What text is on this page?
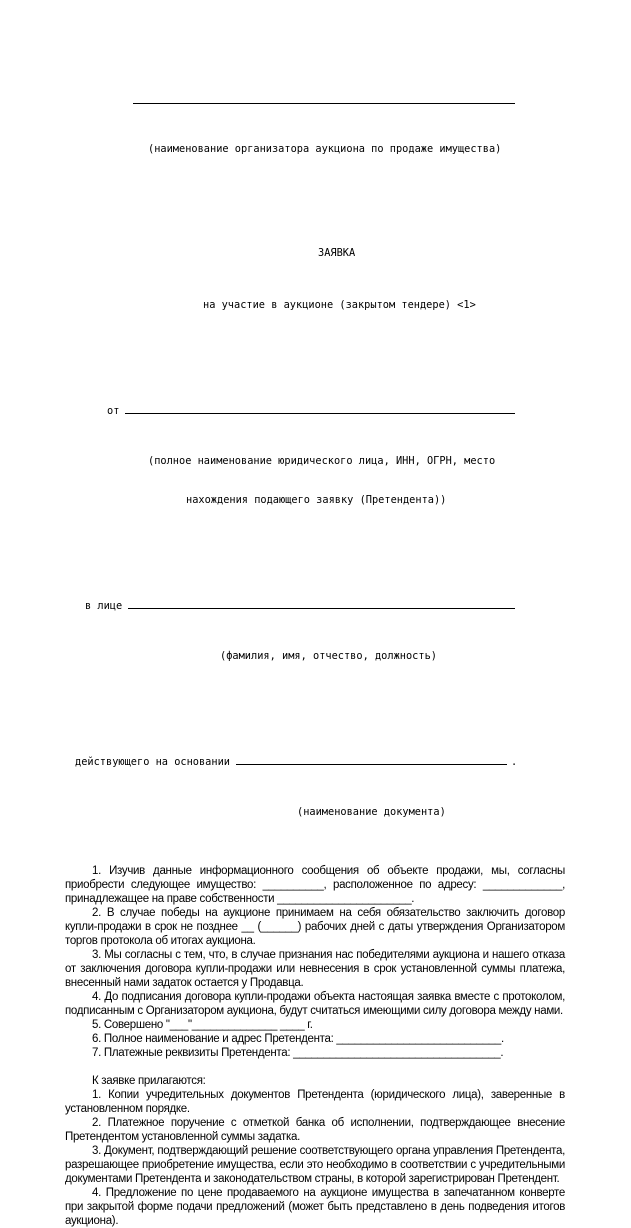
(наименование организатора аукциона по продаже имущества)

ЗАЯВКА

на участие в аукционе (закрытом тендере) <1>

от

(полное наименование юридического лица, ИНН, ОГРН, место

нахождения подающего заявку (Претендента))

в лице

(фамилия, имя, отчество, должность)

действующего на основании	.

(наименование документа)

1. Изучив данные информационного сообщения об объекте продажи, мы, согласны приобрести следующее имущество: __________, расположенное по адресу: _____________, принадлежащее на праве собственности ______________________.

2. В случае победы на аукционе принимаем на себя обязательство заключить договор купли-продажи в срок не позднее __ (______) рабочих дней с даты утверждения Организатором торгов протокола об итогах аукциона.

3. Мы согласны с тем, что, в случае признания нас победителями аукциона и нашего отказа от заключения договора купли-продажи или невнесения в срок установленной суммы платежа, внесенный нами задаток остается у Продавца.

4. До подписания договора купли-продажи объекта настоящая заявка вместе с протоколом, подписанным с Организатором аукциона, будут считаться имеющими силу договора между нами.

5. Совершено "___"______________ ____ г.

6. Полное наименование и адрес Претендента: ___________________________.

7. Платежные реквизиты Претендента: __________________________________.

К заявке прилагаются:

1. Копии учредительных документов Претендента (юридического лица), заверенные в установленном порядке.

2. Платежное поручение с отметкой банка об исполнении, подтверждающее внесение Претендентом установленной суммы задатка.

3. Документ, подтверждающий решение соответствующего органа управления Претендента, разрешающее приобретение имущества, если это необходимо в соответствии с учредительными документами Претендента и законодательством страны, в которой зарегистрирован Претендент.

4. Предложение по цене продаваемого на аукционе имущества в запечатанном конверте при закрытой форме подачи предложений (может быть представлено в день подведения итогов аукциона).
